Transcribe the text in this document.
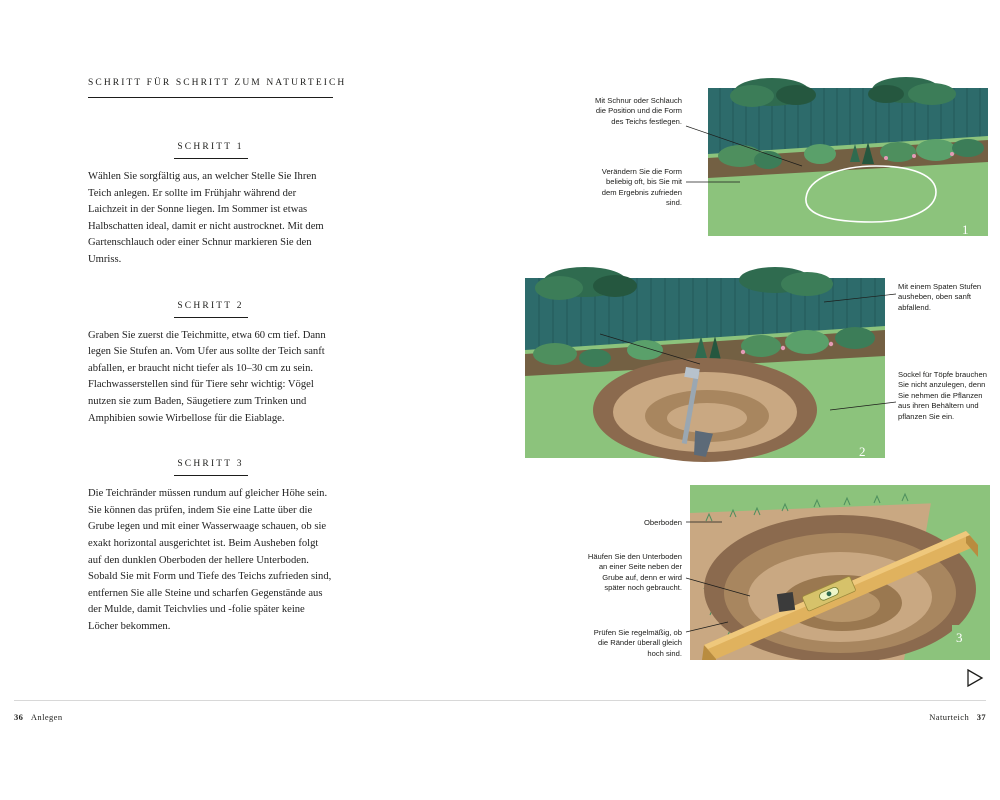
SCHRITT FÜR SCHRITT ZUM NATURTEICH
SCHRITT 1
Wählen Sie sorgfältig aus, an welcher Stelle Sie Ihren Teich anlegen. Er sollte im Frühjahr während der Laichzeit in der Sonne liegen. Im Sommer ist etwas Halbschatten ideal, damit er nicht austrocknet. Mit dem Gartenschlauch oder einer Schnur markieren Sie den Umriss.
SCHRITT 2
Graben Sie zuerst die Teichmitte, etwa 60 cm tief. Dann legen Sie Stufen an. Vom Ufer aus sollte der Teich sanft abfallen, er braucht nicht tiefer als 10–30 cm zu sein. Flachwasserstellen sind für Tiere sehr wichtig: Vögel nutzen sie zum Baden, Säugetiere zum Trinken und Amphibien sowie Wirbellose für die Eiablage.
SCHRITT 3
Die Teichränder müssen rundum auf gleicher Höhe sein. Sie können das prüfen, indem Sie eine Latte über die Grube legen und mit einer Wasserwaage schauen, ob sie exakt horizontal ausgerichtet ist. Beim Ausheben folgt auf den dunklen Oberboden der hellere Unterboden. Sobald Sie mit Form und Tiefe des Teichs zufrieden sind, entfernen Sie alle Steine und scharfen Gegenstände aus der Mulde, damit Teichvlies und -folie später keine Löcher bekommen.
1
Mit Schnur oder Schlauch die Position und die Form des Teichs festlegen.
Verändern Sie die Form beliebig oft, bis Sie mit dem Ergebnis zufrieden sind.
2
Mit einem Spaten Stufen ausheben, oben sanft abfallend.
Sockel für Töpfe brauchen Sie nicht anzulegen, denn Sie nehmen die Pflanzen aus ihren Behältern und pflanzen Sie ein.
3
Oberboden
Häufen Sie den Unterboden an einer Seite neben der Grube auf, denn er wird später noch gebraucht.
Prüfen Sie regelmäßig, ob die Ränder überall gleich hoch sind.
36 Anlegen	Naturteich 37
